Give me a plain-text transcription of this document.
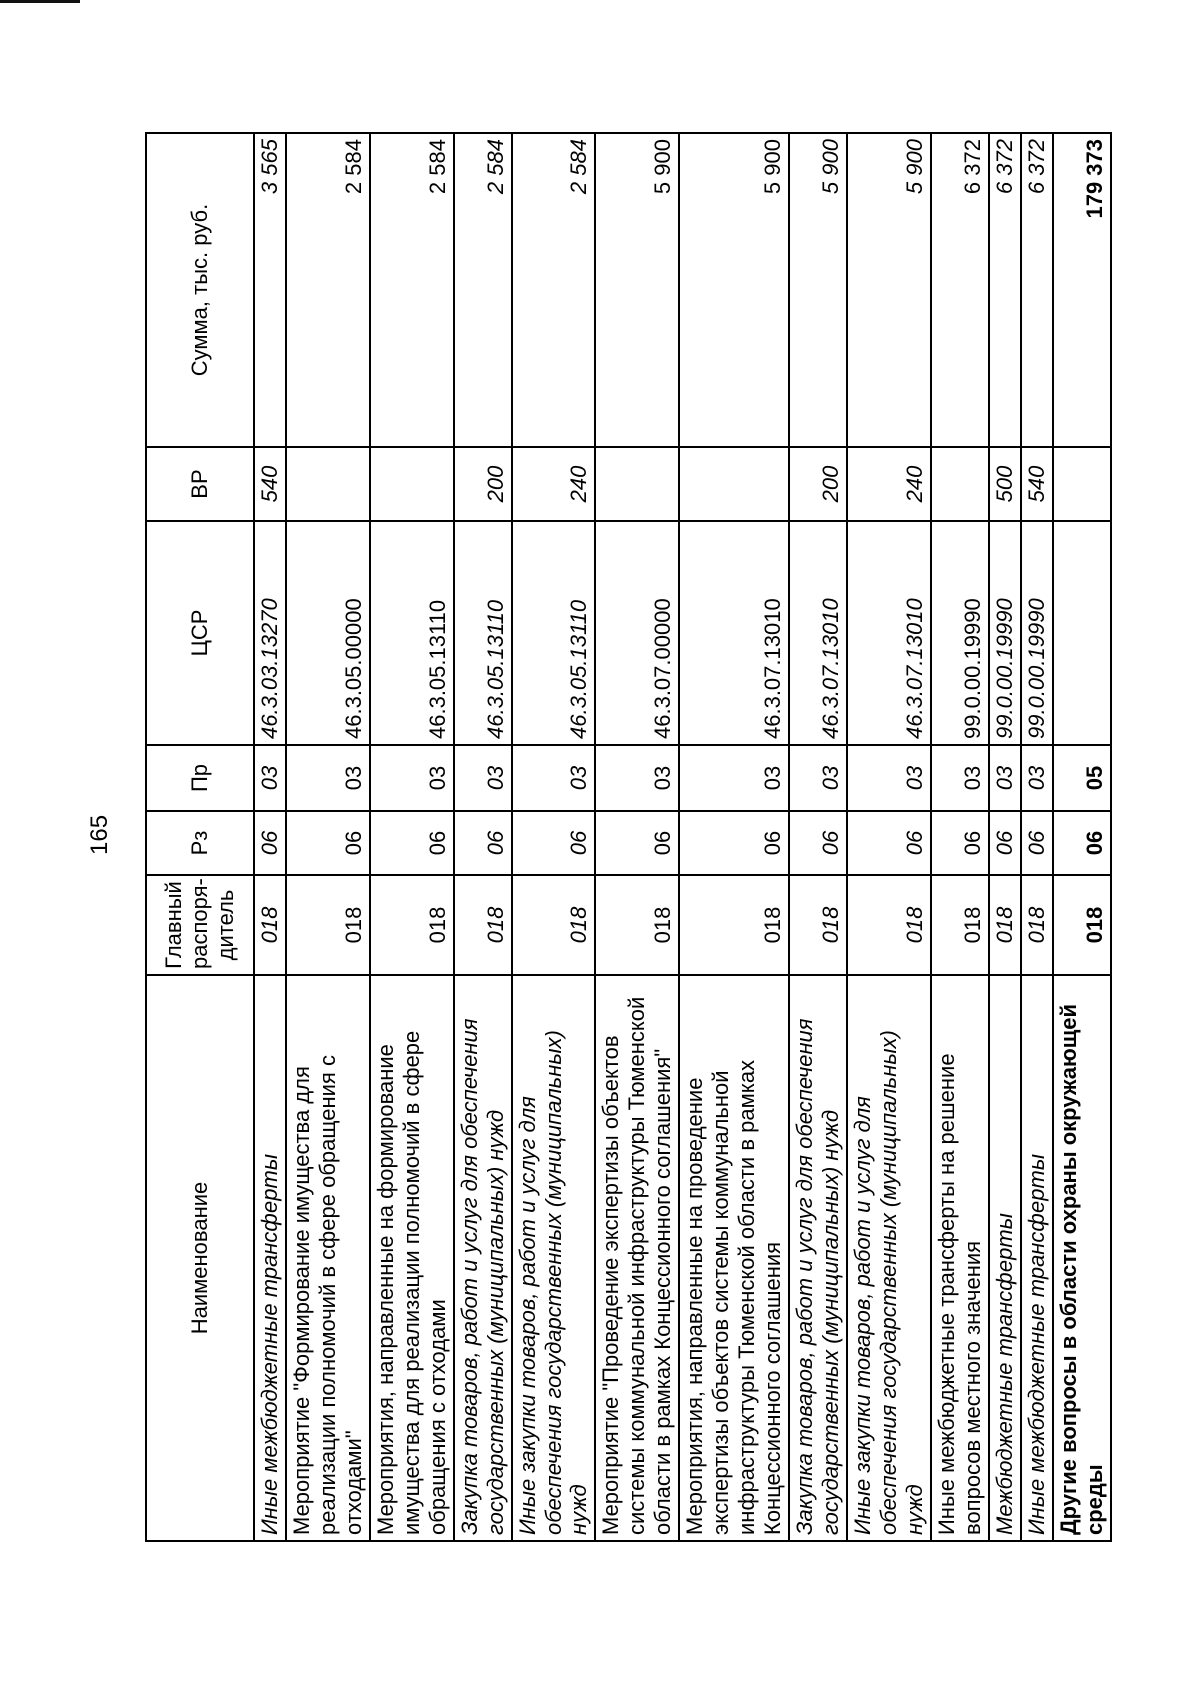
165
Наименование	Главный распоря- дитель	Рз	Пр	ЦСР	ВР	Сумма, тыс. руб.
Иные межбюджетные трансферты	018	06	03	46.3.03.13270	540	3 565
Мероприятие "Формирование имущества для реализации полномочий в сфере обращения с отходами"	018	06	03	46.3.05.00000		2 584
Мероприятия, направленные на формирование имущества для реализации полномочий в сфере обращения с отходами	018	06	03	46.3.05.13110		2 584
Закупка товаров, работ и услуг для обеспечения государственных (муниципальных) нужд	018	06	03	46.3.05.13110	200	2 584
Иные закупки товаров, работ и услуг для обеспечения государственных (муниципальных) нужд	018	06	03	46.3.05.13110	240	2 584
Мероприятие "Проведение экспертизы объектов системы коммунальной инфраструктуры Тюменской области в рамках Концессионного соглашения"	018	06	03	46.3.07.00000		5 900
Мероприятия, направленные на проведение экспертизы объектов системы коммунальной инфраструктуры Тюменской области в рамках Концессионного соглашения	018	06	03	46.3.07.13010		5 900
Закупка товаров, работ и услуг для обеспечения государственных (муниципальных) нужд	018	06	03	46.3.07.13010	200	5 900
Иные закупки товаров, работ и услуг для обеспечения государственных (муниципальных) нужд	018	06	03	46.3.07.13010	240	5 900
Иные межбюджетные трансферты на решение вопросов местного значения	018	06	03	99.0.00.19990		6 372
Межбюджетные трансферты	018	06	03	99.0.00.19990	500	6 372
Иные межбюджетные трансферты	018	06	03	99.0.00.19990	540	6 372
Другие вопросы в области охраны окружающей среды	018	06	05			179 373
